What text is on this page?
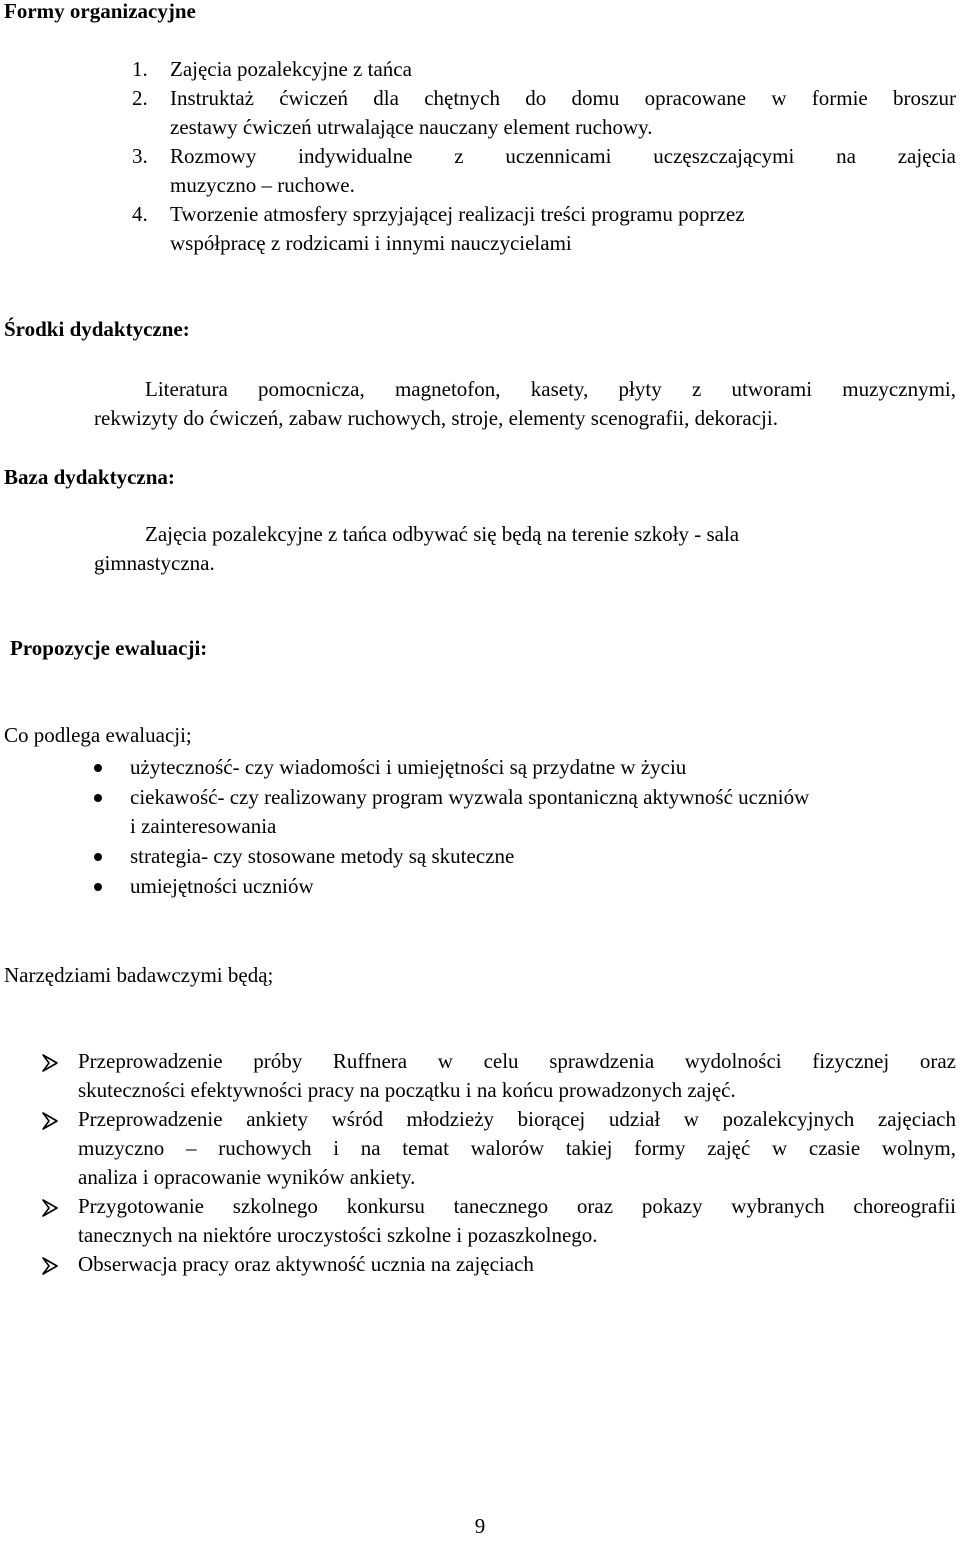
Formy organizacyjne
1. Zajęcia pozalekcyjne z tańca
2. Instruktaż ćwiczeń dla chętnych do domu opracowane w formie broszur
zestawy ćwiczeń utrwalające nauczany element ruchowy.
3. Rozmowy indywidualne z uczennicami uczęszczającymi na zajęcia
muzyczno – ruchowe.
4. Tworzenie atmosfery sprzyjającej realizacji treści programu poprzez
współpracę z rodzicami i innymi nauczycielami
Środki dydaktyczne:
Literatura pomocnicza, magnetofon, kasety, płyty z utworami muzycznymi,
rekwizyty do ćwiczeń, zabaw ruchowych, stroje, elementy scenografii, dekoracji.
Baza dydaktyczna:
Zajęcia pozalekcyjne z tańca odbywać się będą na terenie szkoły - sala
gimnastyczna.
Propozycje ewaluacji:
Co podlega ewaluacji;
użyteczność- czy wiadomości i umiejętności są przydatne w życiu
ciekawość- czy realizowany program wyzwala spontaniczną aktywność uczniów
i zainteresowania
strategia- czy stosowane metody są skuteczne
umiejętności uczniów
Narzędziami badawczymi będą;
Przeprowadzenie próby Ruffnera w celu sprawdzenia wydolności fizycznej oraz
skuteczności efektywności pracy na początku i na końcu prowadzonych zajęć.
Przeprowadzenie ankiety wśród młodzieży biorącej udział w pozalekcyjnych zajęciach
muzyczno – ruchowych i na temat walorów takiej formy zajęć w czasie wolnym,
analiza i opracowanie wyników ankiety.
Przygotowanie szkolnego konkursu tanecznego oraz pokazy wybranych choreografii
tanecznych na niektóre uroczystości szkolne i pozaszkolnego.
Obserwacja pracy oraz aktywność ucznia na zajęciach
9
